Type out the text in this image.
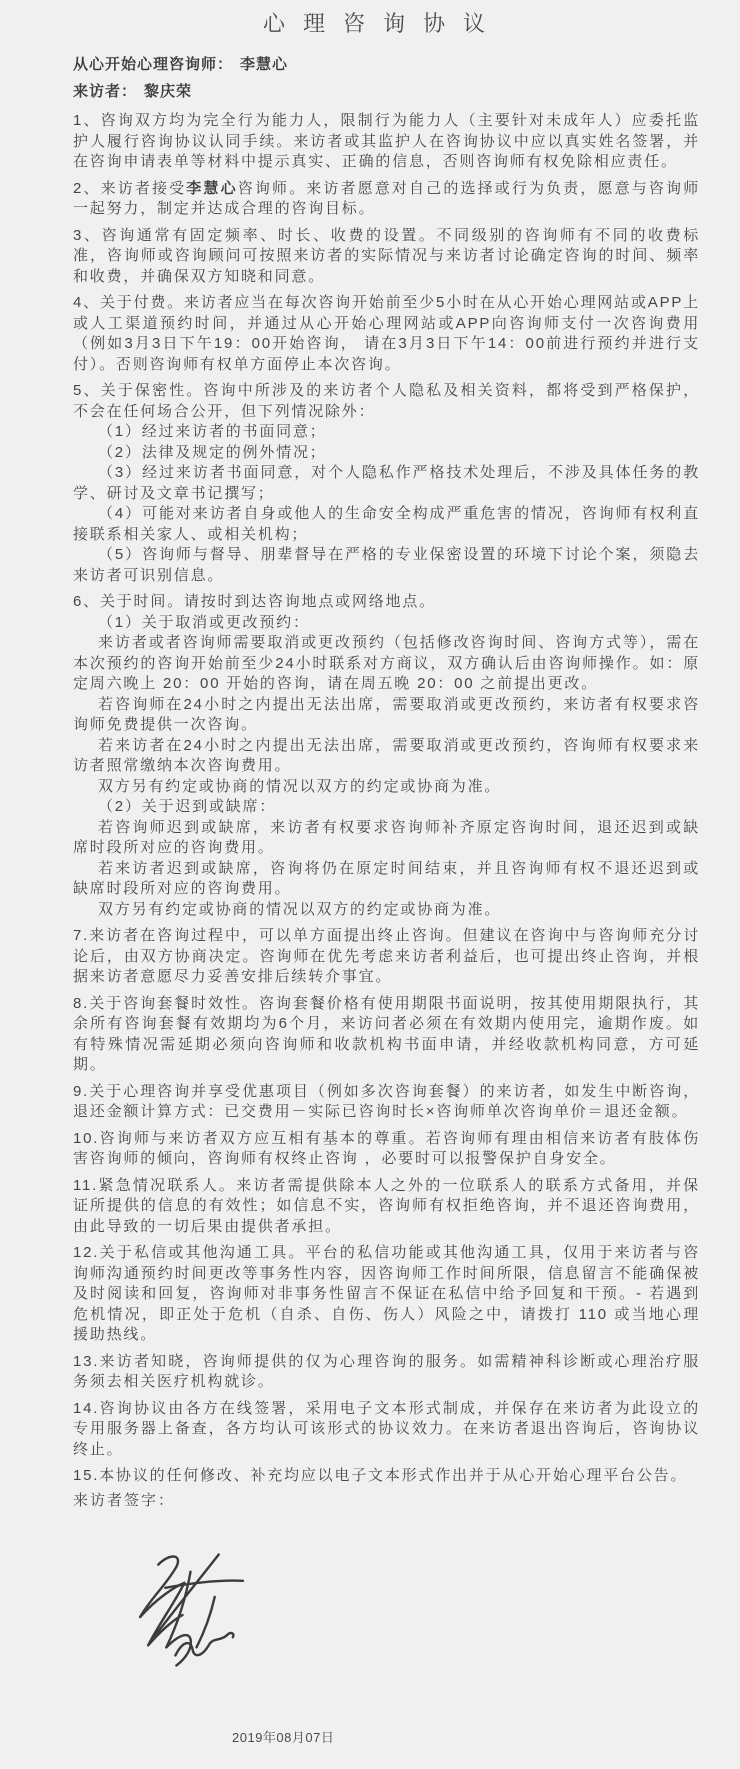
心理咨询协议
从心开始心理咨询师： 李慧心
来访者： 黎庆荣

1、咨询双方均为完全行为能力人，限制行为能力人（主要针对未成年人）应委托监护人履行咨询协议认同手续。来访者或其监护人在咨询协议中应以真实姓名签署，并在咨询申请表单等材料中提示真实、正确的信息，否则咨询师有权免除相应责任。

2、来访者接受李慧心咨询师。来访者愿意对自己的选择或行为负责，愿意与咨询师一起努力，制定并达成合理的咨询目标。

3、咨询通常有固定频率、时长、收费的设置。不同级别的咨询师有不同的收费标准，咨询师或咨询顾问可按照来访者的实际情况与来访者讨论确定咨询的时间、频率和收费，并确保双方知晓和同意。

4、关于付费。来访者应当在每次咨询开始前至少5小时在从心开始心理网站或APP上或人工渠道预约时间，并通过从心开始心理网站或APP向咨询师支付一次咨询费用（例如3月3日下午19：00开始咨询， 请在3月3日下午14：00前进行预约并进行支付）。否则咨询师有权单方面停止本次咨询。

5、关于保密性。咨询中所涉及的来访者个人隐私及相关资料，都将受到严格保护，不会在任何场合公开，但下列情况除外：

（1）经过来访者的书面同意；

（2）法律及规定的例外情况；

（3）经过来访者书面同意，对个人隐私作严格技术处理后，不涉及具体任务的教学、研讨及文章书记撰写；

（4）可能对来访者自身或他人的生命安全构成严重危害的情况，咨询师有权利直接联系相关家人、或相关机构；

（5）咨询师与督导、朋辈督导在严格的专业保密设置的环境下讨论个案，须隐去来访者可识别信息。

6、关于时间。请按时到达咨询地点或网络地点。

（1）关于取消或更改预约：

来访者或者咨询师需要取消或更改预约（包括修改咨询时间、咨询方式等），需在本次预约的咨询开始前至少24小时联系对方商议，双方确认后由咨询师操作。如：原定周六晚上 20：00 开始的咨询，请在周五晚 20：00 之前提出更改。

若咨询师在24小时之内提出无法出席，需要取消或更改预约，来访者有权要求咨询师免费提供一次咨询。

若来访者在24小时之内提出无法出席，需要取消或更改预约，咨询师有权要求来访者照常缴纳本次咨询费用。

双方另有约定或协商的情况以双方的约定或协商为准。

（2）关于迟到或缺席：

若咨询师迟到或缺席，来访者有权要求咨询师补齐原定咨询时间，退还迟到或缺席时段所对应的咨询费用。

若来访者迟到或缺席，咨询将仍在原定时间结束，并且咨询师有权不退还迟到或缺席时段所对应的咨询费用。

双方另有约定或协商的情况以双方的约定或协商为准。

7.来访者在咨询过程中，可以单方面提出终止咨询。但建议在咨询中与咨询师充分讨论后，由双方协商决定。咨询师在优先考虑来访者利益后，也可提出终止咨询，并根据来访者意愿尽力妥善安排后续转介事宜。

8.关于咨询套餐时效性。咨询套餐价格有使用期限书面说明，按其使用期限执行，其余所有咨询套餐有效期均为6个月，来访问者必须在有效期内使用完，逾期作废。如有特殊情况需延期必须向咨询师和收款机构书面申请，并经收款机构同意，方可延期。

9.关于心理咨询并享受优惠项目（例如多次咨询套餐）的来访者，如发生中断咨询，退还金额计算方式：已交费用－实际已咨询时长×咨询师单次咨询单价＝退还金额。

10.咨询师与来访者双方应互相有基本的尊重。若咨询师有理由相信来访者有肢体伤害咨询师的倾向，咨询师有权终止咨询 ，必要时可以报警保护自身安全。

11.紧急情况联系人。来访者需提供除本人之外的一位联系人的联系方式备用，并保证所提供的信息的有效性；如信息不实，咨询师有权拒绝咨询，并不退还咨询费用，由此导致的一切后果由提供者承担。

12.关于私信或其他沟通工具。平台的私信功能或其他沟通工具，仅用于来访者与咨询师沟通预约时间更改等事务性内容，因咨询师工作时间所限，信息留言不能确保被及时阅读和回复，咨询师对非事务性留言不保证在私信中给予回复和干预。- 若遇到危机情况，即正处于危机（自杀、自伤、伤人）风险之中，请拨打 110 或当地心理援助热线。

13.来访者知晓，咨询师提供的仅为心理咨询的服务。如需精神科诊断或心理治疗服务须去相关医疗机构就诊。

14.咨询协议由各方在线签署，采用电子文本形式制成，并保存在来访者为此设立的专用服务器上备查，各方均认可该形式的协议效力。在来访者退出咨询后，咨询协议终止。

15.本协议的任何修改、补充均应以电子文本形式作出并于从心开始心理平台公告。

来访者签字：
2019年08月07日
